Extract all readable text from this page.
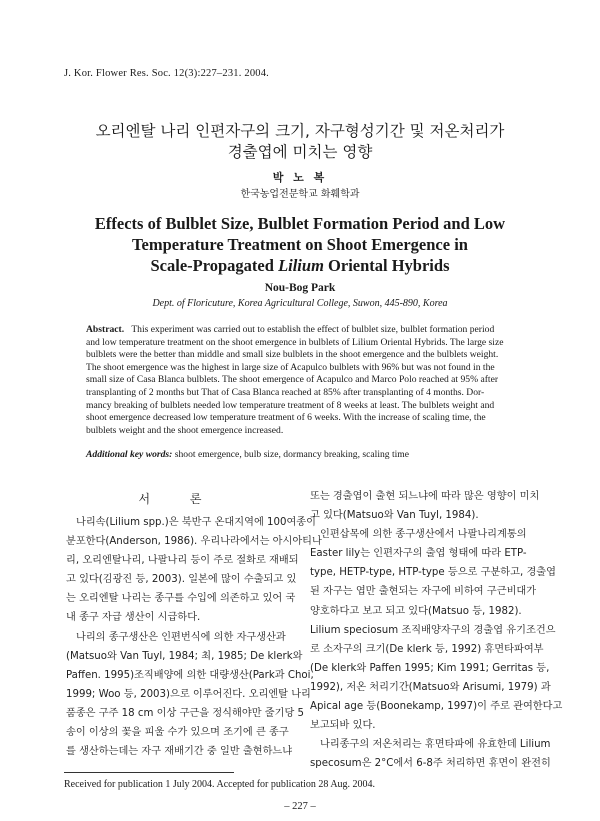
J. Kor. Flower Res. Soc. 12(3):227–231. 2004.
오리엔탈 나리 인편자구의 크기, 자구형성기간 및 저온처리가
경출엽에 미치는 영향
박 노 복
한국농업전문학교 화훼학과
Effects of Bulblet Size, Bulblet Formation Period and Low
Temperature Treatment on Shoot Emergence in
Scale-Propagated Lilium Oriental Hybrids
Nou-Bog Park
Dept. of Floricuture, Korea Agricultural College, Suwon, 445-890, Korea
Abstract. This experiment was carried out to establish the effect of bulblet size, bulblet formation period
and low temperature treatment on the shoot emergence in bulblets of Lilium Oriental Hybrids. The large size
bulblets were the better than middle and small size bulblets in the shoot emergence and the bulblets weight.
The shoot emergence was the highest in large size of Acapulco bulblets with 96% but was not found in the
small size of Casa Blanca bulblets. The shoot emergence of Acapulco and Marco Polo reached at 95% after
transplanting of 2 months but That of Casa Blanca reached at 85% after transplanting of 4 months. Dor-
mancy breaking of bulblets needed low temperature treatment of 8 weeks at least. The bulblets weight and
shoot emergence decreased low temperature treatment of 6 weeks. With the increase of scaling time, the
bulblets weight and the shoot emergence increased.
Additional key words: shoot emergence, bulb size, dormancy breaking, scaling time
서 론
나리속(Lilium spp.)은 북반구 온대지역에 100여종이
분포한다(Anderson, 1986). 우리나라에서는 아시아티나
리, 오리엔탈나리, 나팔나리 등이 주로 절화로 재배되
고 있다(김광진 등, 2003). 일본에 많이 수출되고 있
는 오리엔탈 나리는 종구를 수입에 의존하고 있어 국
내 종구 자급 생산이 시급하다.
나리의 종구생산은 인편번식에 의한 자구생산과
(Matsuo와 Van Tuyl, 1984; 최, 1985; De klerk와
Paffen. 1995)조직배양에 의한 대량생산(Park과 Choi,
1999; Woo 등, 2003)으로 이루어진다. 오리엔탈 나리
품종은 구주 18 cm 이상 구근을 정식해야만 줄기당 5
송이 이상의 꽃을 피울 수가 있으며 조기에 큰 종구
를 생산하는데는 자구 재배기간 중 일반 출현하느냐
또는 경출엽이 출현 되느냐에 따라 많은 영향이 미치
고 있다(Matsuo와 Van Tuyl, 1984).
인편삽목에 의한 종구생산에서 나팔나리계통의
Easter lily는 인편자구의 출엽 형태에 따라 ETP-
type, HETP-type, HTP-type 등으로 구분하고, 경출엽
된 자구는 엽만 출현되는 자구에 비하여 구근비대가
양호하다고 보고 되고 있다(Matsuo 등, 1982).
Lilium speciosum 조직배양자구의 경출엽 유기조건으
로 소자구의 크기(De klerk 등, 1992) 휴면타파여부
(De klerk와 Paffen 1995; Kim 1991; Gerritas 등,
1992), 저온 처리기간(Matsuo와 Arisumi, 1979) 과
Apical age 등(Boonekamp, 1997)이 주로 관여한다고
보고되바 있다.
나리종구의 저온처리는 휴면타파에 유효한데 Lilium
specosum은 2°C에서 6-8주 처리하면 휴면이 완전히
Received for publication 1 July 2004. Accepted for publication 28 Aug. 2004.
– 227 –
